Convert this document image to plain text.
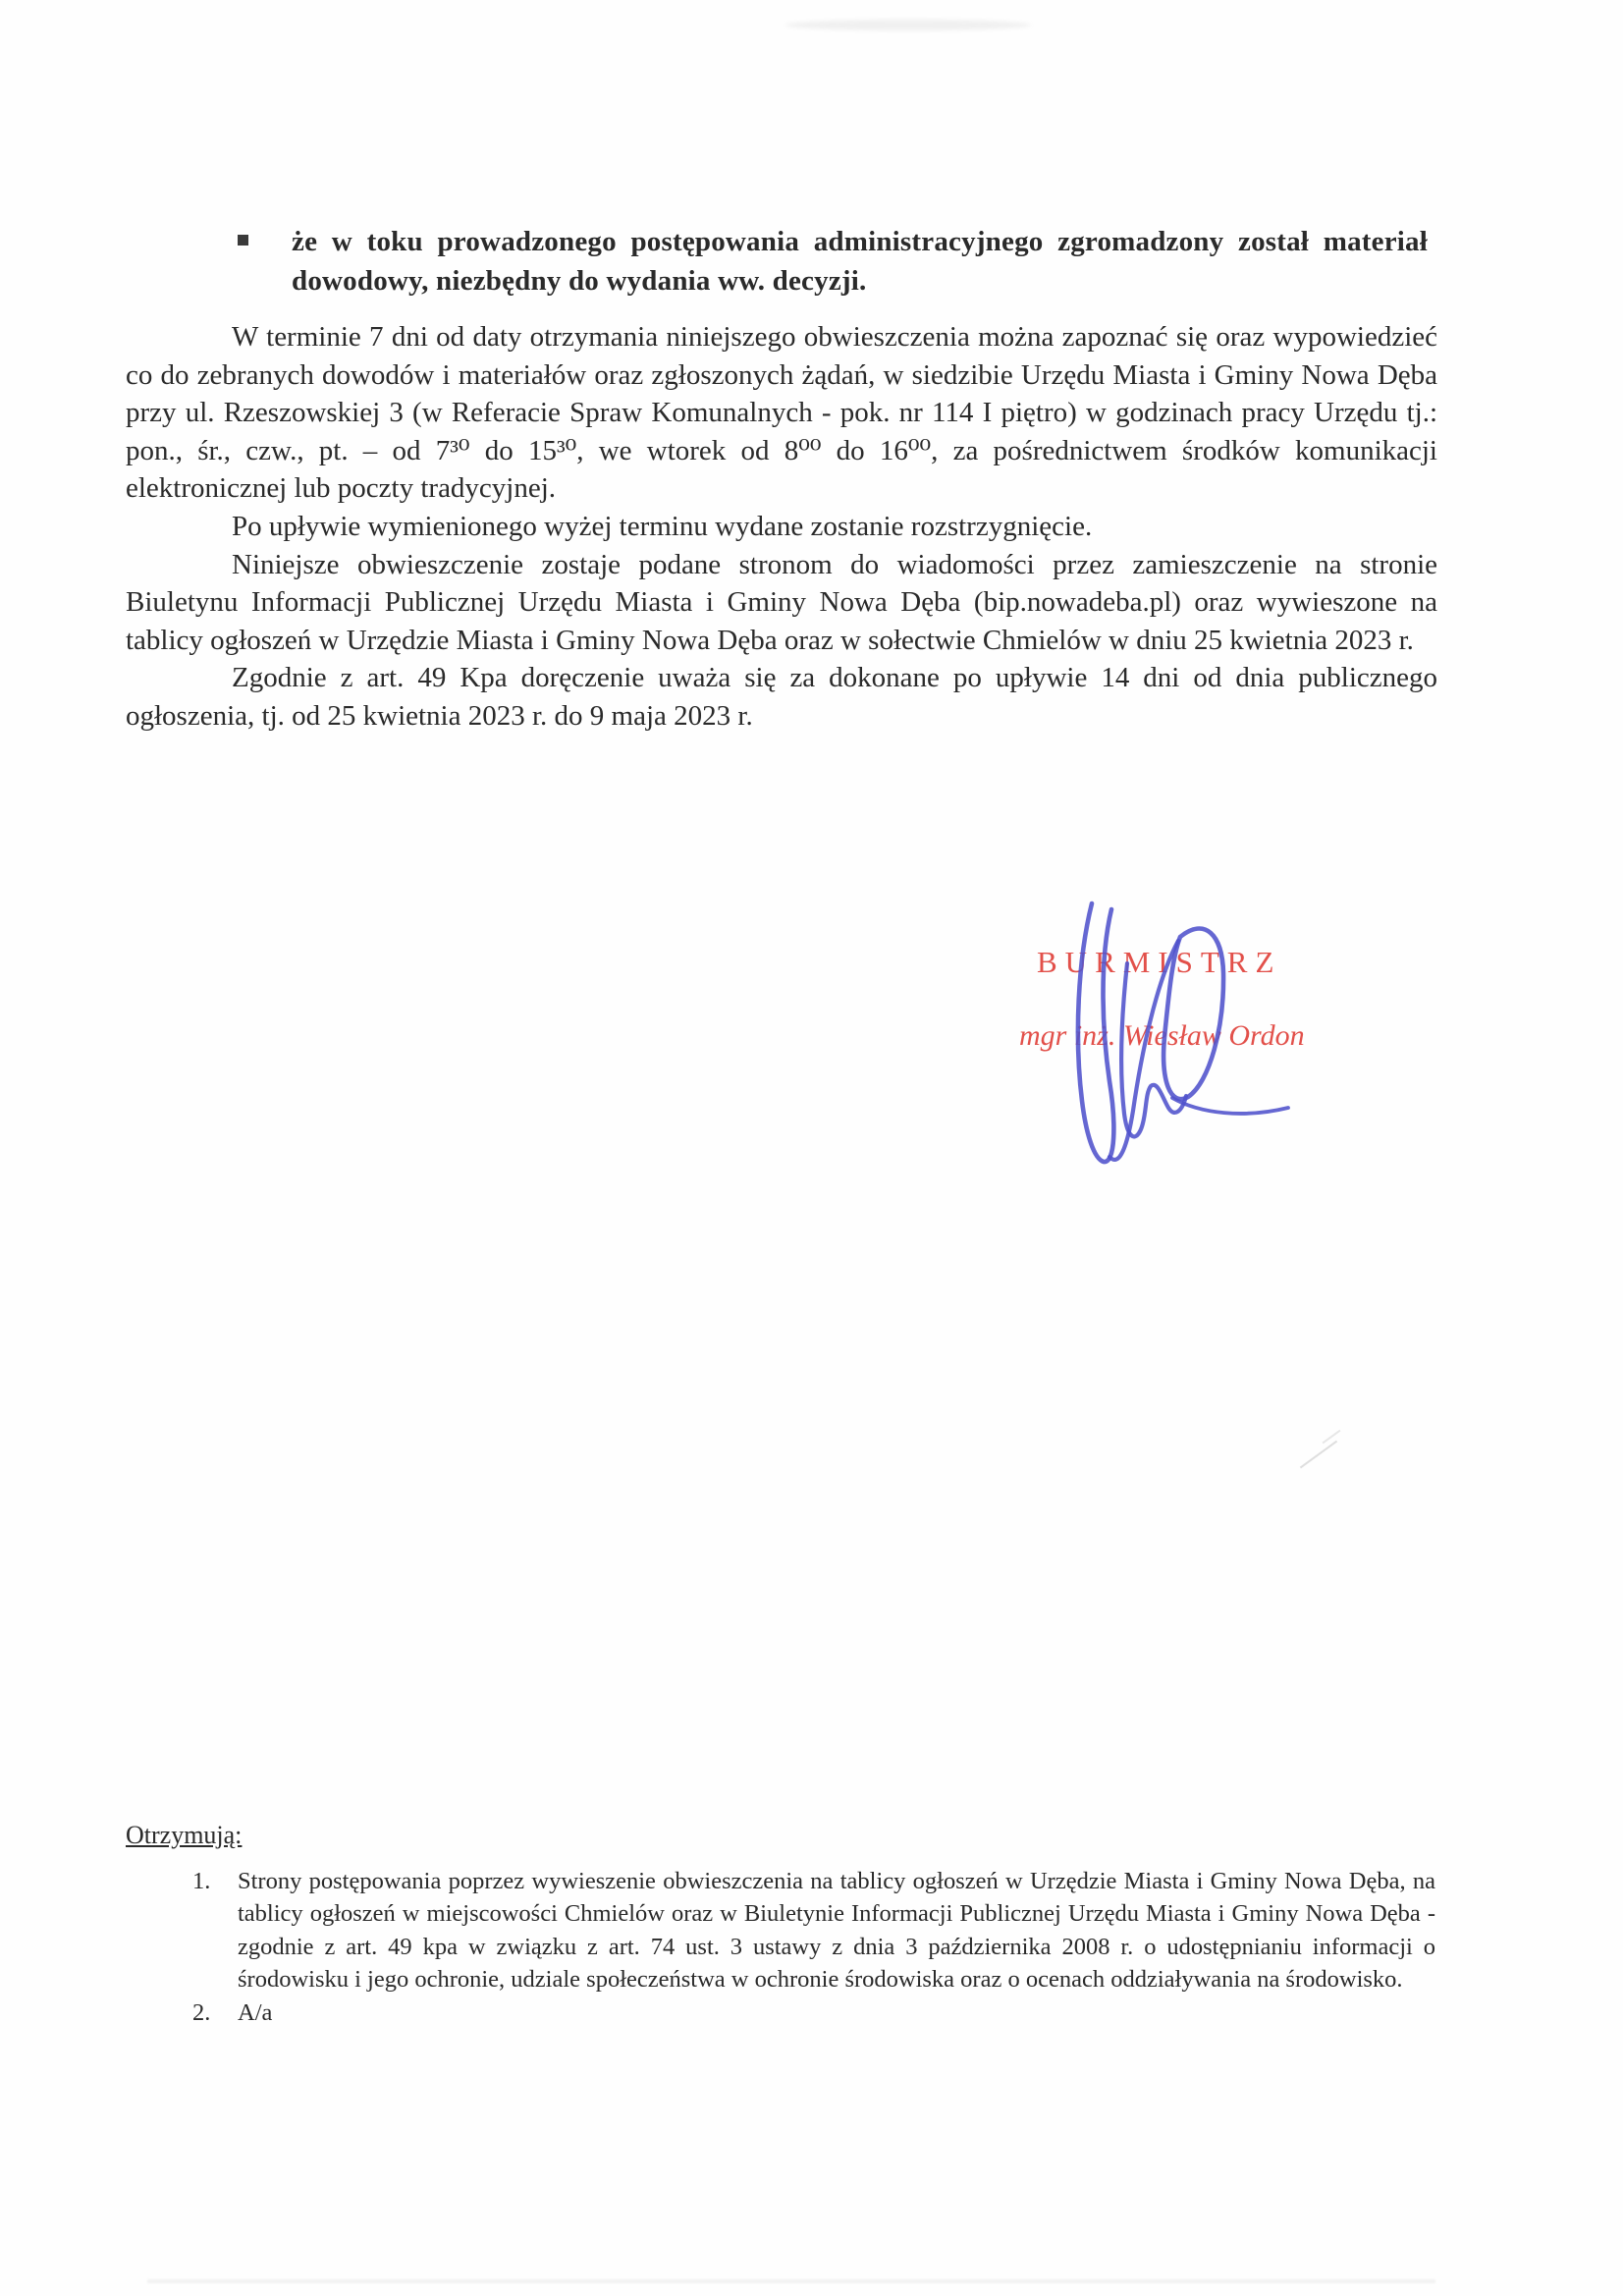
że w toku prowadzonego postępowania administracyjnego zgromadzony został materiał dowodowy, niezbędny do wydania ww. decyzji.

W terminie 7 dni od daty otrzymania niniejszego obwieszczenia można zapoznać się oraz wypowiedzieć co do zebranych dowodów i materiałów oraz zgłoszonych żądań, w siedzibie Urzędu Miasta i Gminy Nowa Dęba przy ul. Rzeszowskiej 3 (w Referacie Spraw Komunalnych - pok. nr 114 I piętro) w godzinach pracy Urzędu tj.: pon., śr., czw., pt. – od 7³⁰ do 15³⁰, we wtorek od 8⁰⁰ do 16⁰⁰, za pośrednictwem środków komunikacji elektronicznej lub poczty tradycyjnej.

Po upływie wymienionego wyżej terminu wydane zostanie rozstrzygnięcie.

Niniejsze obwieszczenie zostaje podane stronom do wiadomości przez zamieszczenie na stronie Biuletynu Informacji Publicznej Urzędu Miasta i Gminy Nowa Dęba (bip.nowadeba.pl) oraz wywieszone na tablicy ogłoszeń w Urzędzie Miasta i Gminy Nowa Dęba oraz w sołectwie Chmielów w dniu 25 kwietnia 2023 r.

Zgodnie z art. 49 Kpa doręczenie uważa się za dokonane po upływie 14 dni od dnia publicznego ogłoszenia, tj. od 25 kwietnia 2023 r. do 9 maja 2023 r.

BURMISTRZ
mgr inż. Wiesław Ordon
Otrzymują:
1.	Strony postępowania poprzez wywieszenie obwieszczenia na tablicy ogłoszeń w Urzędzie Miasta i Gminy Nowa Dęba, na tablicy ogłoszeń w miejscowości Chmielów oraz w Biuletynie Informacji Publicznej Urzędu Miasta i Gminy Nowa Dęba - zgodnie z art. 49 kpa w związku z art. 74 ust. 3 ustawy z dnia 3 października 2008 r. o udostępnianiu informacji o środowisku i jego ochronie, udziale społeczeństwa w ochronie środowiska oraz o ocenach oddziaływania na środowisko.
2.	A/a
